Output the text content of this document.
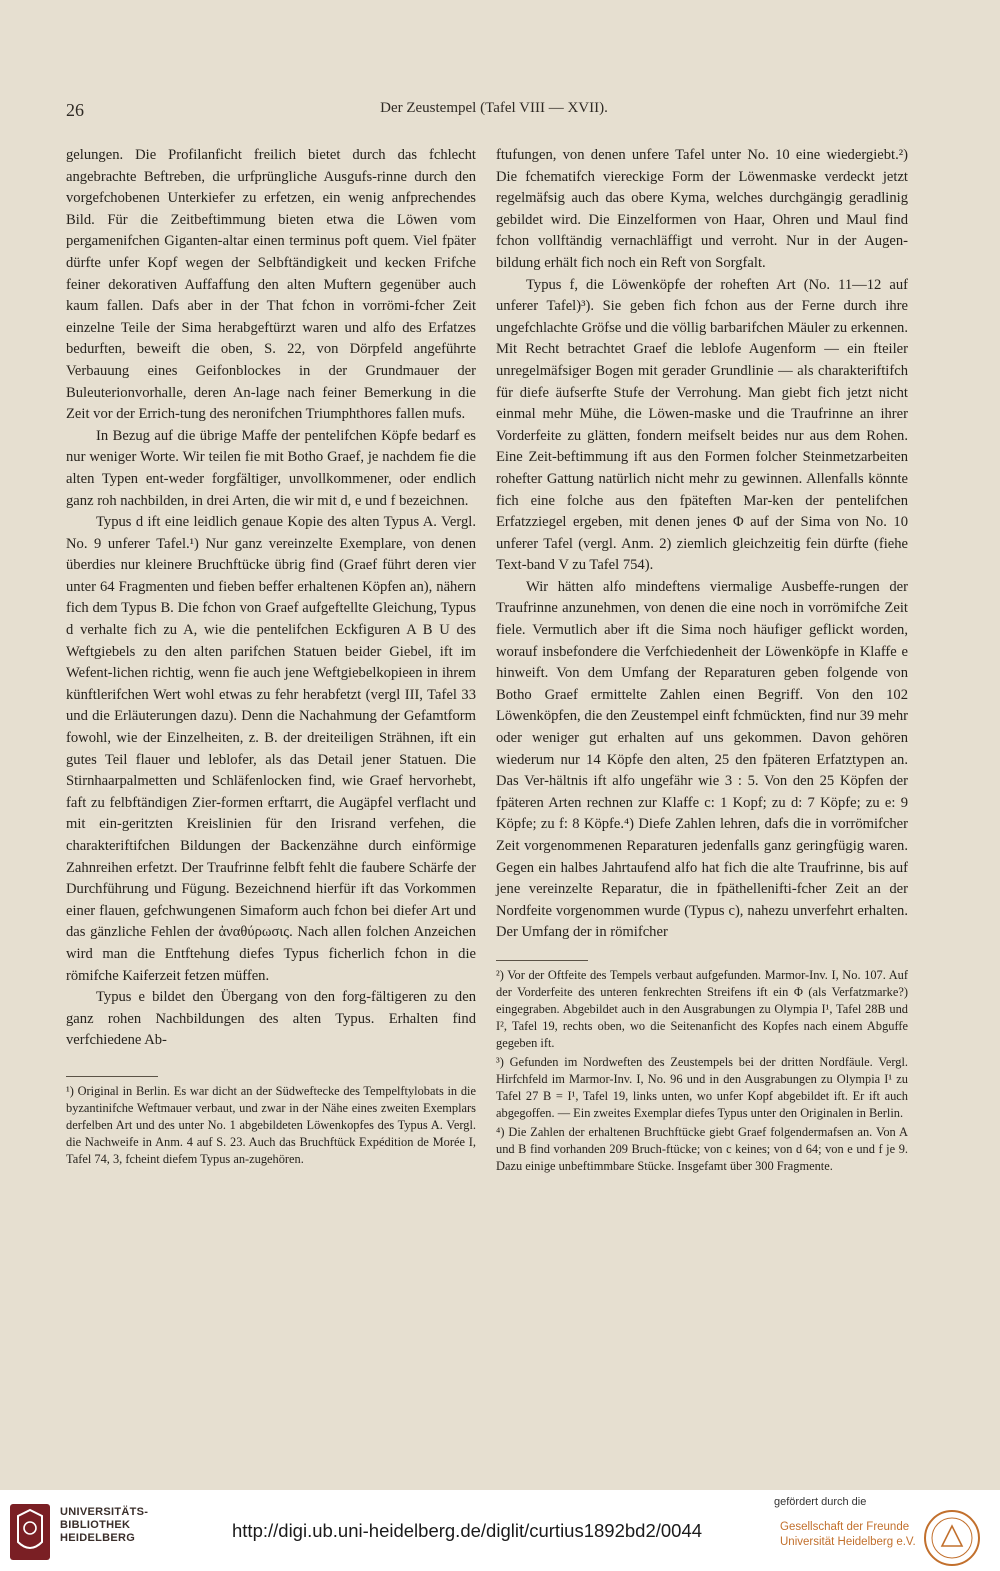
26	Der Zeustempel (Tafel VIII — XVII).

gelungen. Die Profilanficht freilich bietet durch das fchlecht angebrachte Beftreben, die urfprüngliche Ausgufs-rinne durch den vorgefchobenen Unterkiefer zu erfetzen, ein wenig anfprechendes Bild. Für die Zeitbeftimmung bieten etwa die Löwen vom pergamenifchen Giganten-altar einen terminus poft quem. Viel fpäter dürfte unfer Kopf wegen der Selbftändigkeit und kecken Frifche feiner dekorativen Auffaffung den alten Muftern gegenüber auch kaum fallen. Dafs aber in der That fchon in vorrömi-fcher Zeit einzelne Teile der Sima herabgeftürzt waren und alfo des Erfatzes bedurften, beweift die oben, S. 22, von Dörpfeld angeführte Verbauung eines Geifonblockes in der Grundmauer der Buleuterionvorhalle, deren An-lage nach feiner Bemerkung in die Zeit vor der Errich-tung des neronifchen Triumphthores fallen mufs.

In Bezug auf die übrige Maffe der pentelifchen Köpfe bedarf es nur weniger Worte. Wir teilen fie mit Botho Graef, je nachdem fie die alten Typen ent-weder forgfältiger, unvollkommener, oder endlich ganz roh nachbilden, in drei Arten, die wir mit d, e und f bezeichnen.

Typus d ift eine leidlich genaue Kopie des alten Typus A. Vergl. No. 9 unferer Tafel.¹) Nur ganz vereinzelte Exemplare, von denen überdies nur kleinere Bruchftücke übrig find (Graef führt deren vier unter 64 Fragmenten und fieben beffer erhaltenen Köpfen an), nähern fich dem Typus B. Die fchon von Graef aufgeftellte Gleichung, Typus d verhalte fich zu A, wie die pentelifchen Eckfiguren A B U des Weftgiebels zu den alten parifchen Statuen beider Giebel, ift im Wefent-lichen richtig, wenn fie auch jene Weftgiebelkopieen in ihrem künftlerifchen Wert wohl etwas zu fehr herabfetzt (vergl III, Tafel 33 und die Erläuterungen dazu). Denn die Nachahmung der Gefamtform fowohl, wie der Einzelheiten, z. B. der dreiteiligen Strähnen, ift ein gutes Teil flauer und leblofer, als das Detail jener Statuen. Die Stirnhaarpalmetten und Schläfenlocken find, wie Graef hervorhebt, faft zu felbftändigen Zier-formen erftarrt, die Augäpfel verflacht und mit ein-geritzten Kreislinien für den Irisrand verfehen, die charakteriftifchen Bildungen der Backenzähne durch einförmige Zahnreihen erfetzt. Der Traufrinne felbft fehlt die faubere Schärfe der Durchführung und Fügung. Bezeichnend hierfür ift das Vorkommen einer flauen, gefchwungenen Simaform auch fchon bei diefer Art und das gänzliche Fehlen der ἀναθύρωσις. Nach allen folchen Anzeichen wird man die Entftehung diefes Typus ficherlich fchon in die römifche Kaiferzeit fetzen müffen.

Typus e bildet den Übergang von den forg-fältigeren zu den ganz rohen Nachbildungen des alten Typus. Erhalten find verfchiedene Ab-

¹) Original in Berlin. Es war dicht an der Südweftecke des Tempelftylobats in die byzantinifche Weftmauer verbaut, und zwar in der Nähe eines zweiten Exemplars derfelben Art und des unter No. 1 abgebildeten Löwenkopfes des Typus A. Vergl. die Nachweife in Anm. 4 auf S. 23. Auch das Bruchftück Expédition de Morée I, Tafel 74, 3, fcheint diefem Typus an-zugehören.

ftufungen, von denen unfere Tafel unter No. 10 eine wiedergiebt.²) Die fchematifch viereckige Form der Löwenmaske verdeckt jetzt regelmäfsig auch das obere Kyma, welches durchgängig geradlinig gebildet wird. Die Einzelformen von Haar, Ohren und Maul find fchon vollftändig vernachläffigt und verroht. Nur in der Augen-bildung erhält fich noch ein Reft von Sorgfalt.

Typus f, die Löwenköpfe der roheften Art (No. 11—12 auf unferer Tafel)³). Sie geben fich fchon aus der Ferne durch ihre ungefchlachte Gröfse und die völlig barbarifchen Mäuler zu erkennen. Mit Recht betrachtet Graef die leblofe Augenform — ein fteiler unregelmäfsiger Bogen mit gerader Grundlinie — als charakteriftifch für diefe äufserfte Stufe der Verrohung. Man giebt fich jetzt nicht einmal mehr Mühe, die Löwen-maske und die Traufrinne an ihrer Vorderfeite zu glätten, fondern meifselt beides nur aus dem Rohen. Eine Zeit-beftimmung ift aus den Formen folcher Steinmetzarbeiten rohefter Gattung natürlich nicht mehr zu gewinnen. Allenfalls könnte fich eine folche aus den fpäteften Mar-ken der pentelifchen Erfatzziegel ergeben, mit denen jenes Φ auf der Sima von No. 10 unferer Tafel (vergl. Anm. 2) ziemlich gleichzeitig fein dürfte (fiehe Text-band V zu Tafel 754).

Wir hätten alfo mindeftens viermalige Ausbeffe-rungen der Traufrinne anzunehmen, von denen die eine noch in vorrömifche Zeit fiele. Vermutlich aber ift die Sima noch häufiger geflickt worden, worauf insbefondere die Verfchiedenheit der Löwenköpfe in Klaffe e hinweift. Von dem Umfang der Reparaturen geben folgende von Botho Graef ermittelte Zahlen einen Begriff. Von den 102 Löwenköpfen, die den Zeustempel einft fchmückten, find nur 39 mehr oder weniger gut erhalten auf uns gekommen. Davon gehören wiederum nur 14 Köpfe den alten, 25 den fpäteren Erfatztypen an. Das Ver-hältnis ift alfo ungefähr wie 3 : 5. Von den 25 Köpfen der fpäteren Arten rechnen zur Klaffe c: 1 Kopf; zu d: 7 Köpfe; zu e: 9 Köpfe; zu f: 8 Köpfe.⁴) Diefe Zahlen lehren, dafs die in vorrömifcher Zeit vorgenommenen Reparaturen jedenfalls ganz geringfügig waren. Gegen ein halbes Jahrtaufend alfo hat fich die alte Traufrinne, bis auf jene vereinzelte Reparatur, die in fpäthellenifti-fcher Zeit an der Nordfeite vorgenommen wurde (Typus c), nahezu unverfehrt erhalten. Der Umfang der in römifcher

²) Vor der Oftfeite des Tempels verbaut aufgefunden. Marmor-Inv. I, No. 107. Auf der Vorderfeite des unteren fenkrechten Streifens ift ein Φ (als Verfatzmarke?) eingegraben. Abgebildet auch in den Ausgrabungen zu Olympia I¹, Tafel 28B und I², Tafel 19, rechts oben, wo die Seitenanficht des Kopfes nach einem Abguffe gegeben ift.

³) Gefunden im Nordweften des Zeustempels bei der dritten Nordfäule. Vergl. Hirfchfeld im Marmor-Inv. I, No. 96 und in den Ausgrabungen zu Olympia I¹ zu Tafel 27 B = I¹, Tafel 19, links unten, wo unfer Kopf abgebildet ift. Er ift auch abgegoffen. — Ein zweites Exemplar diefes Typus unter den Originalen in Berlin.

⁴) Die Zahlen der erhaltenen Bruchftücke giebt Graef folgendermafsen an. Von A und B find vorhanden 209 Bruch-ftücke; von c keines; von d 64; von e und f je 9. Dazu einige unbeftimmbare Stücke. Insgefamt über 300 Fragmente.

UNIVERSITÄTS-
BIBLIOTHEK
HEIDELBERG	http://digi.ub.uni-heidelberg.de/diglit/curtius1892bd2/0044
gefördert durch die
Gesellschaft der Freunde
Universität Heidelberg e.V.
